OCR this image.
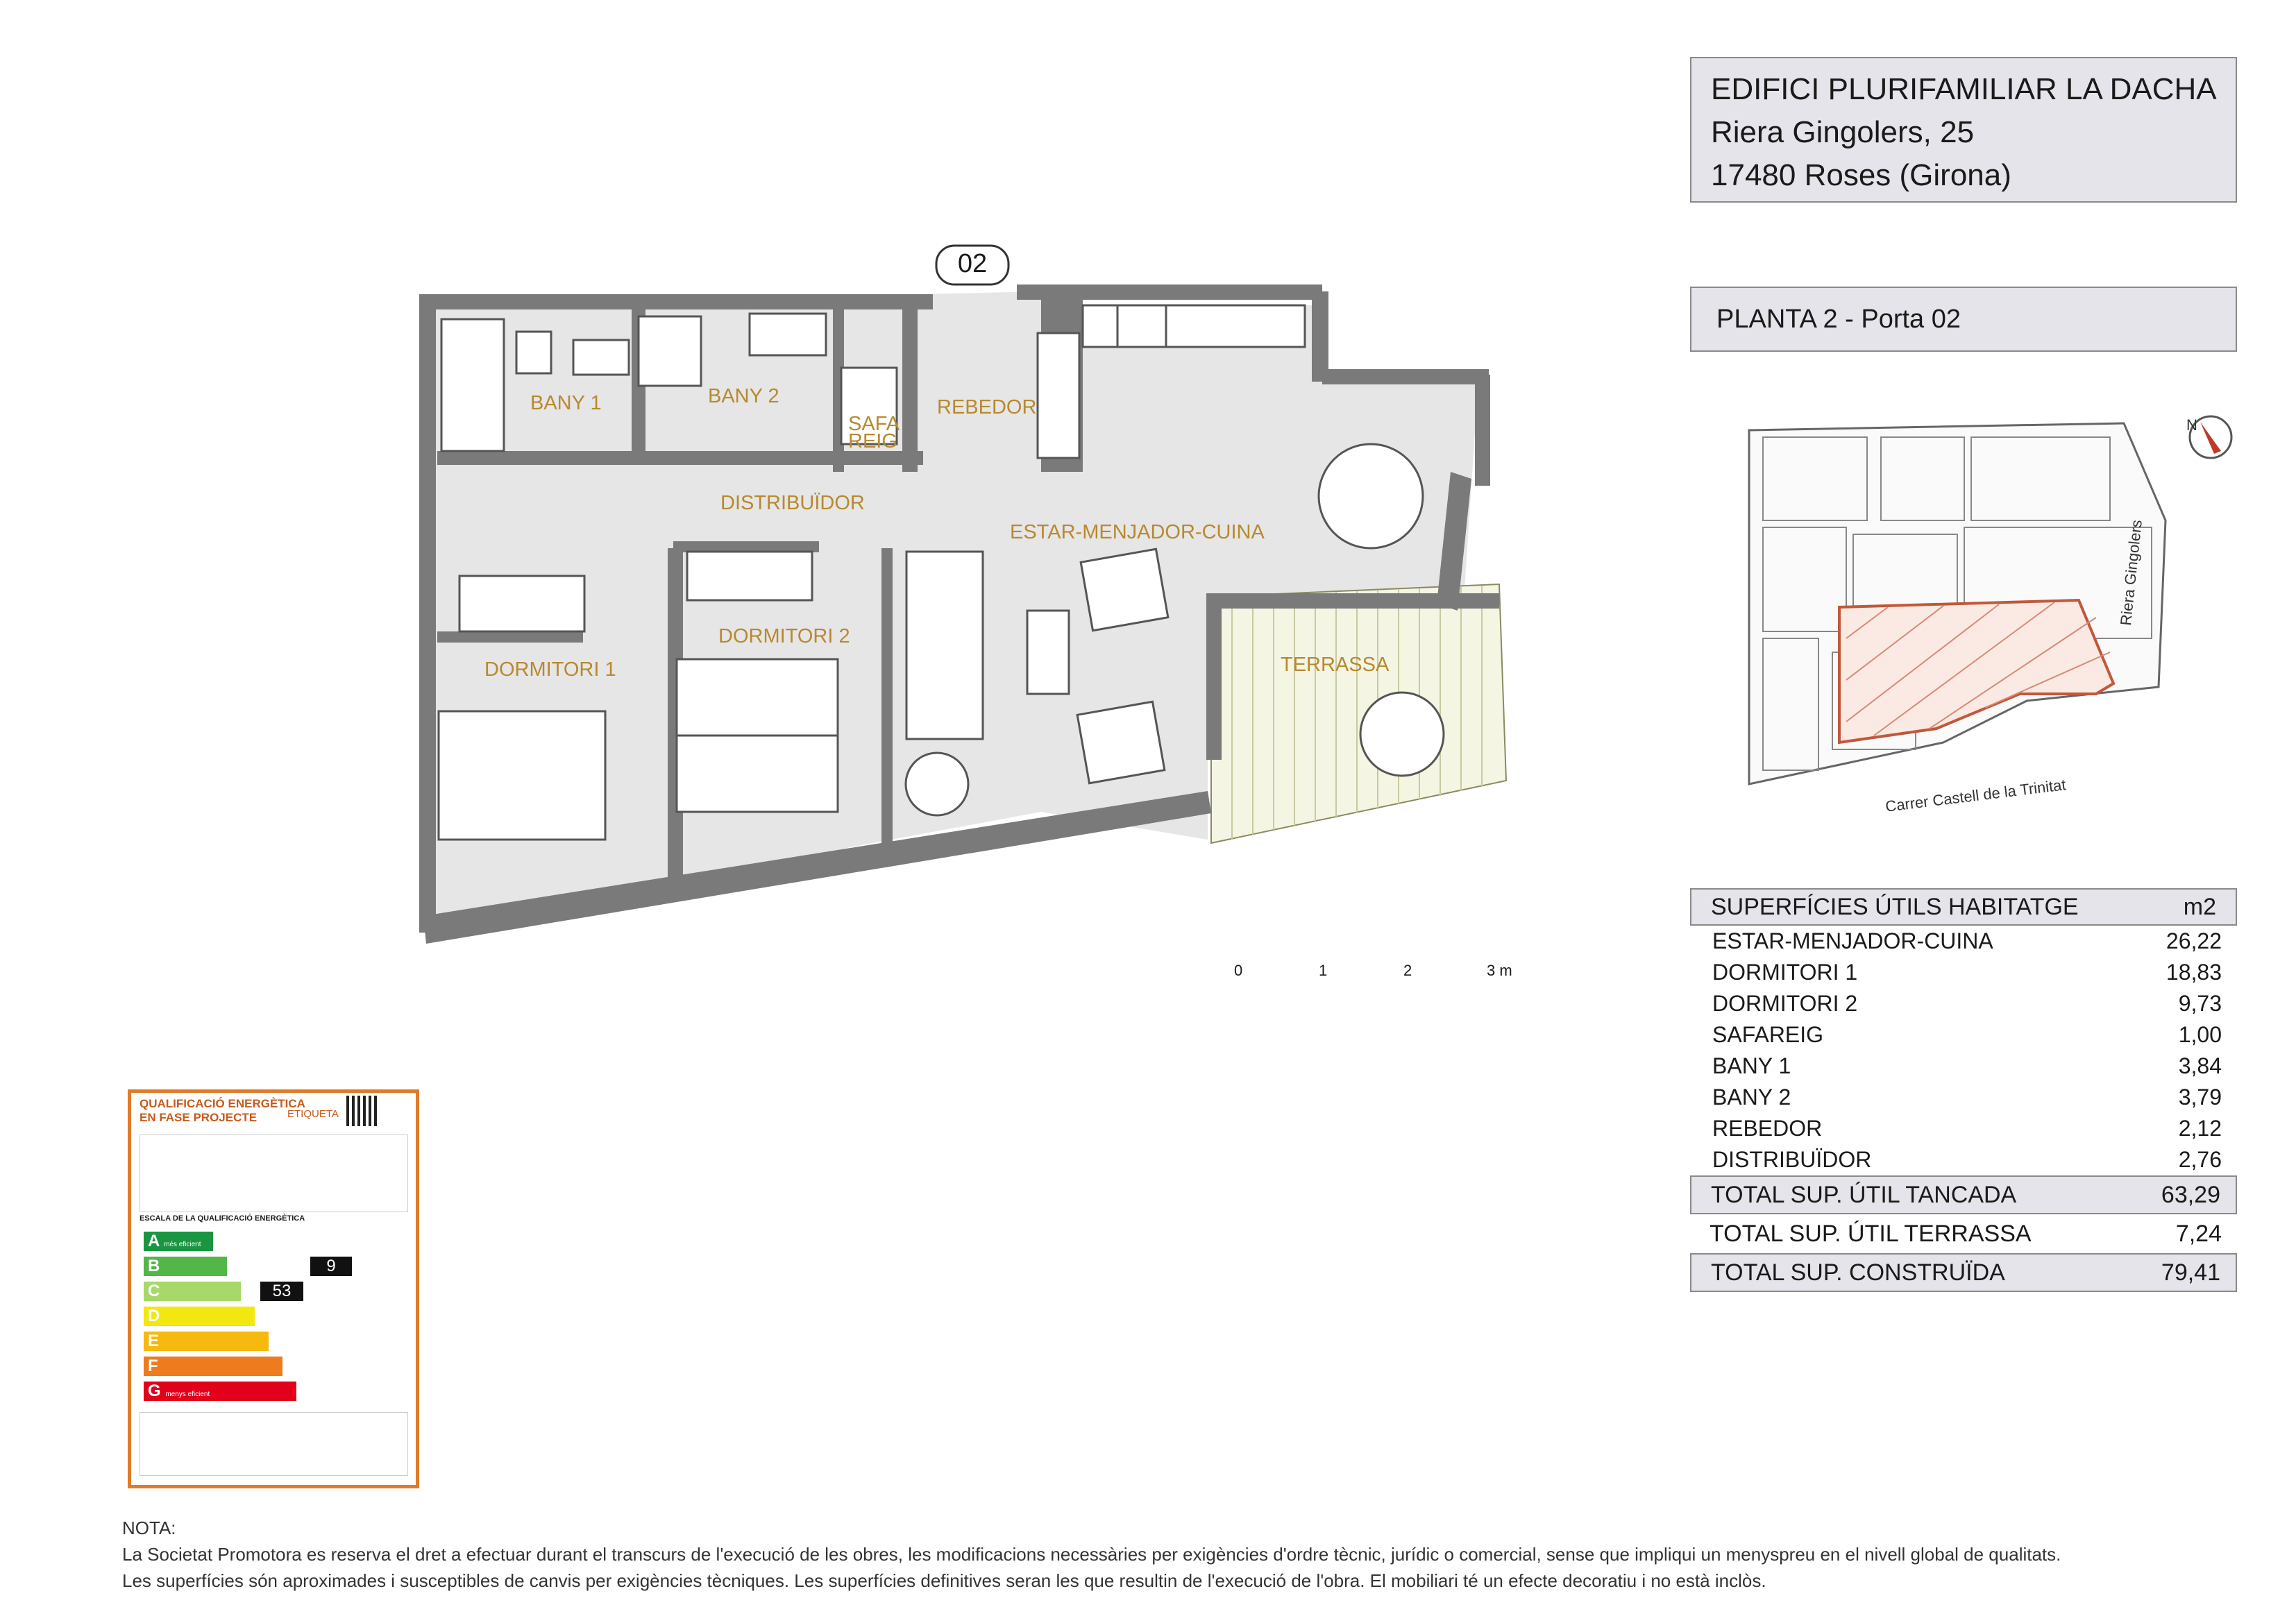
EDIFICI PLURIFAMILIAR LA DACHA
Riera Gingolers, 25
17480 Roses (Girona)
PLANTA 2 - Porta 02
BANY 1	BANY 2
SAFA
REIG
REBEDOR
DISTRIBUÏDOR
ESTAR-MENJADOR-CUINA
DORMITORI 2
DORMITORI 1	TERRASSA
02
0	1	2	3 m
N
Riera Gingolers
Carrer Castell de la Trinitat
SUPERFÍCIES ÚTILS HABITATGE	m2
ESTAR-MENJADOR-CUINA	26,22
DORMITORI 1	18,83
DORMITORI 2	9,73
SAFAREIG	1,00
BANY 1	3,84
BANY 2	3,79
REBEDOR	2,12
DISTRIBUÏDOR	2,76
TOTAL SUP. ÚTIL TANCADA	63,29
TOTAL SUP. ÚTIL TERRASSA	7,24
TOTAL SUP. CONSTRUÏDA	79,41
QUALIFICACIÓ ENERGÈTICA
EN FASE PROJECTE	ETIQUETA
ESCALA DE LA QUALIFICACIÓ ENERGÈTICA
A més eficient
B
C
D
E
F
G menys eficient
9
53
NOTA:
La Societat Promotora es reserva el dret a efectuar durant el transcurs de l'execució de les obres, les modificacions necessàries per exigències d'ordre tècnic, jurídic o comercial, sense que impliqui un menyspreu en el nivell global de qualitats.
Les superfícies són aproximades i susceptibles de canvis per exigències tècniques. Les superfícies definitives seran les que resultin de l'execució de l'obra. El mobiliari té un efecte decoratiu i no està inclòs.
